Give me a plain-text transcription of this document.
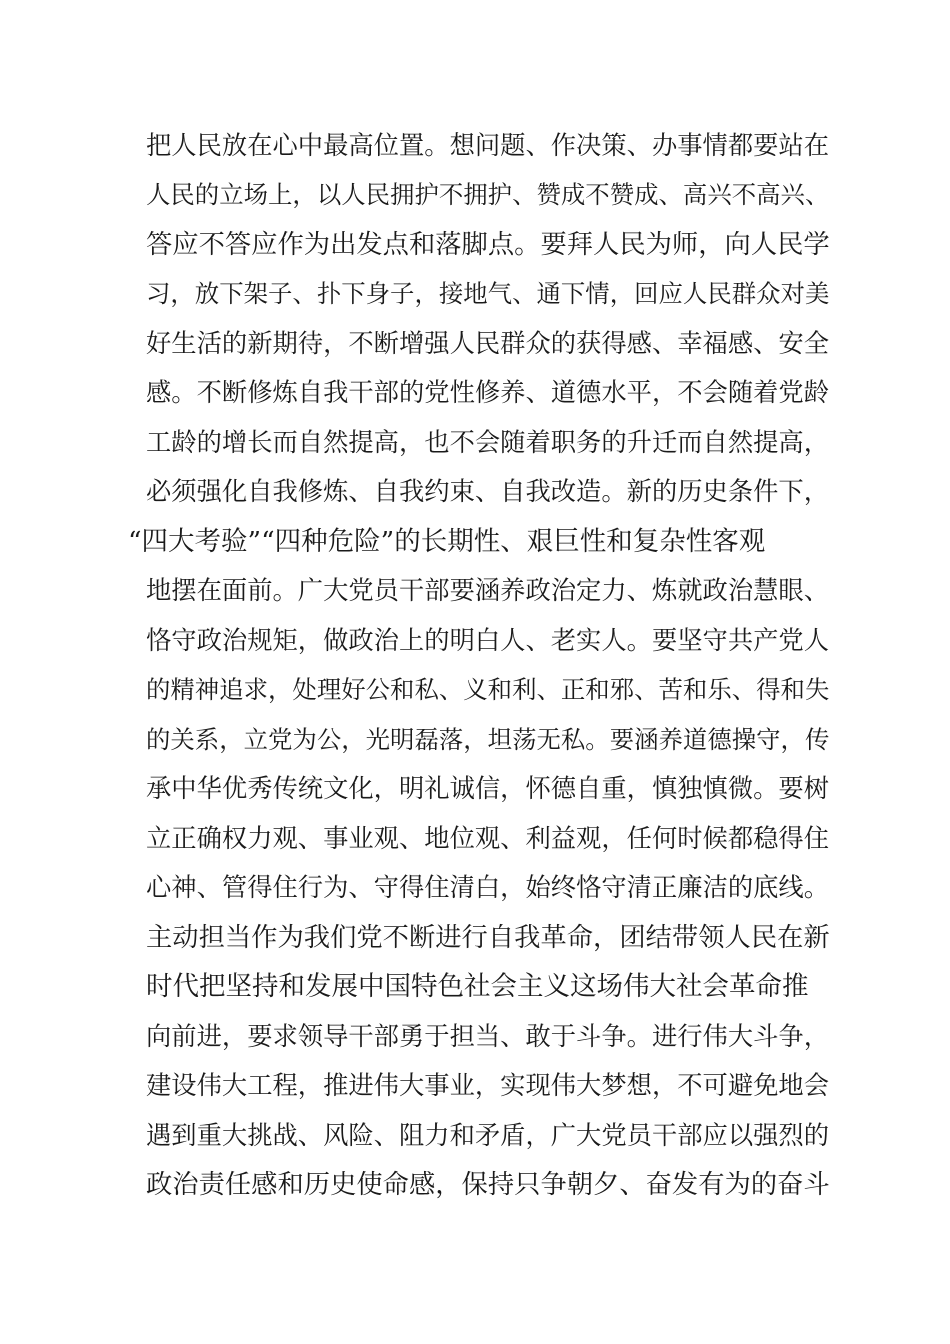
把人民放在心中最高位置。想问题、作决策、办事情都要站在
人民的立场上，以人民拥护不拥护、赞成不赞成、高兴不高兴、
答应不答应作为出发点和落脚点。要拜人民为师，向人民学
习，放下架子、扑下身子，接地气、通下情，回应人民群众对美
好生活的新期待，不断增强人民群众的获得感、幸福感、安全
感。不断修炼自我干部的党性修养、道德水平，不会随着党龄
工龄的增长而自然提高，也不会随着职务的升迁而自然提高，
必须强化自我修炼、自我约束、自我改造。新的历史条件下，
“四大考验”“四种危险”的长期性、艰巨性和复杂性客观
地摆在面前。广大党员干部要涵养政治定力、炼就政治慧眼、
恪守政治规矩，做政治上的明白人、老实人。要坚守共产党人
的精神追求，处理好公和私、义和利、正和邪、苦和乐、得和失
的关系，立党为公，光明磊落，坦荡无私。要涵养道德操守，传
承中华优秀传统文化，明礼诚信，怀德自重，慎独慎微。要树
立正确权力观、事业观、地位观、利益观，任何时候都稳得住
心神、管得住行为、守得住清白，始终恪守清正廉洁的底线。
主动担当作为我们党不断进行自我革命，团结带领人民在新
时代把坚持和发展中国特色社会主义这场伟大社会革命推
向前进，要求领导干部勇于担当、敢于斗争。进行伟大斗争，
建设伟大工程，推进伟大事业，实现伟大梦想，不可避免地会
遇到重大挑战、风险、阻力和矛盾，广大党员干部应以强烈的
政治责任感和历史使命感，保持只争朝夕、奋发有为的奋斗
